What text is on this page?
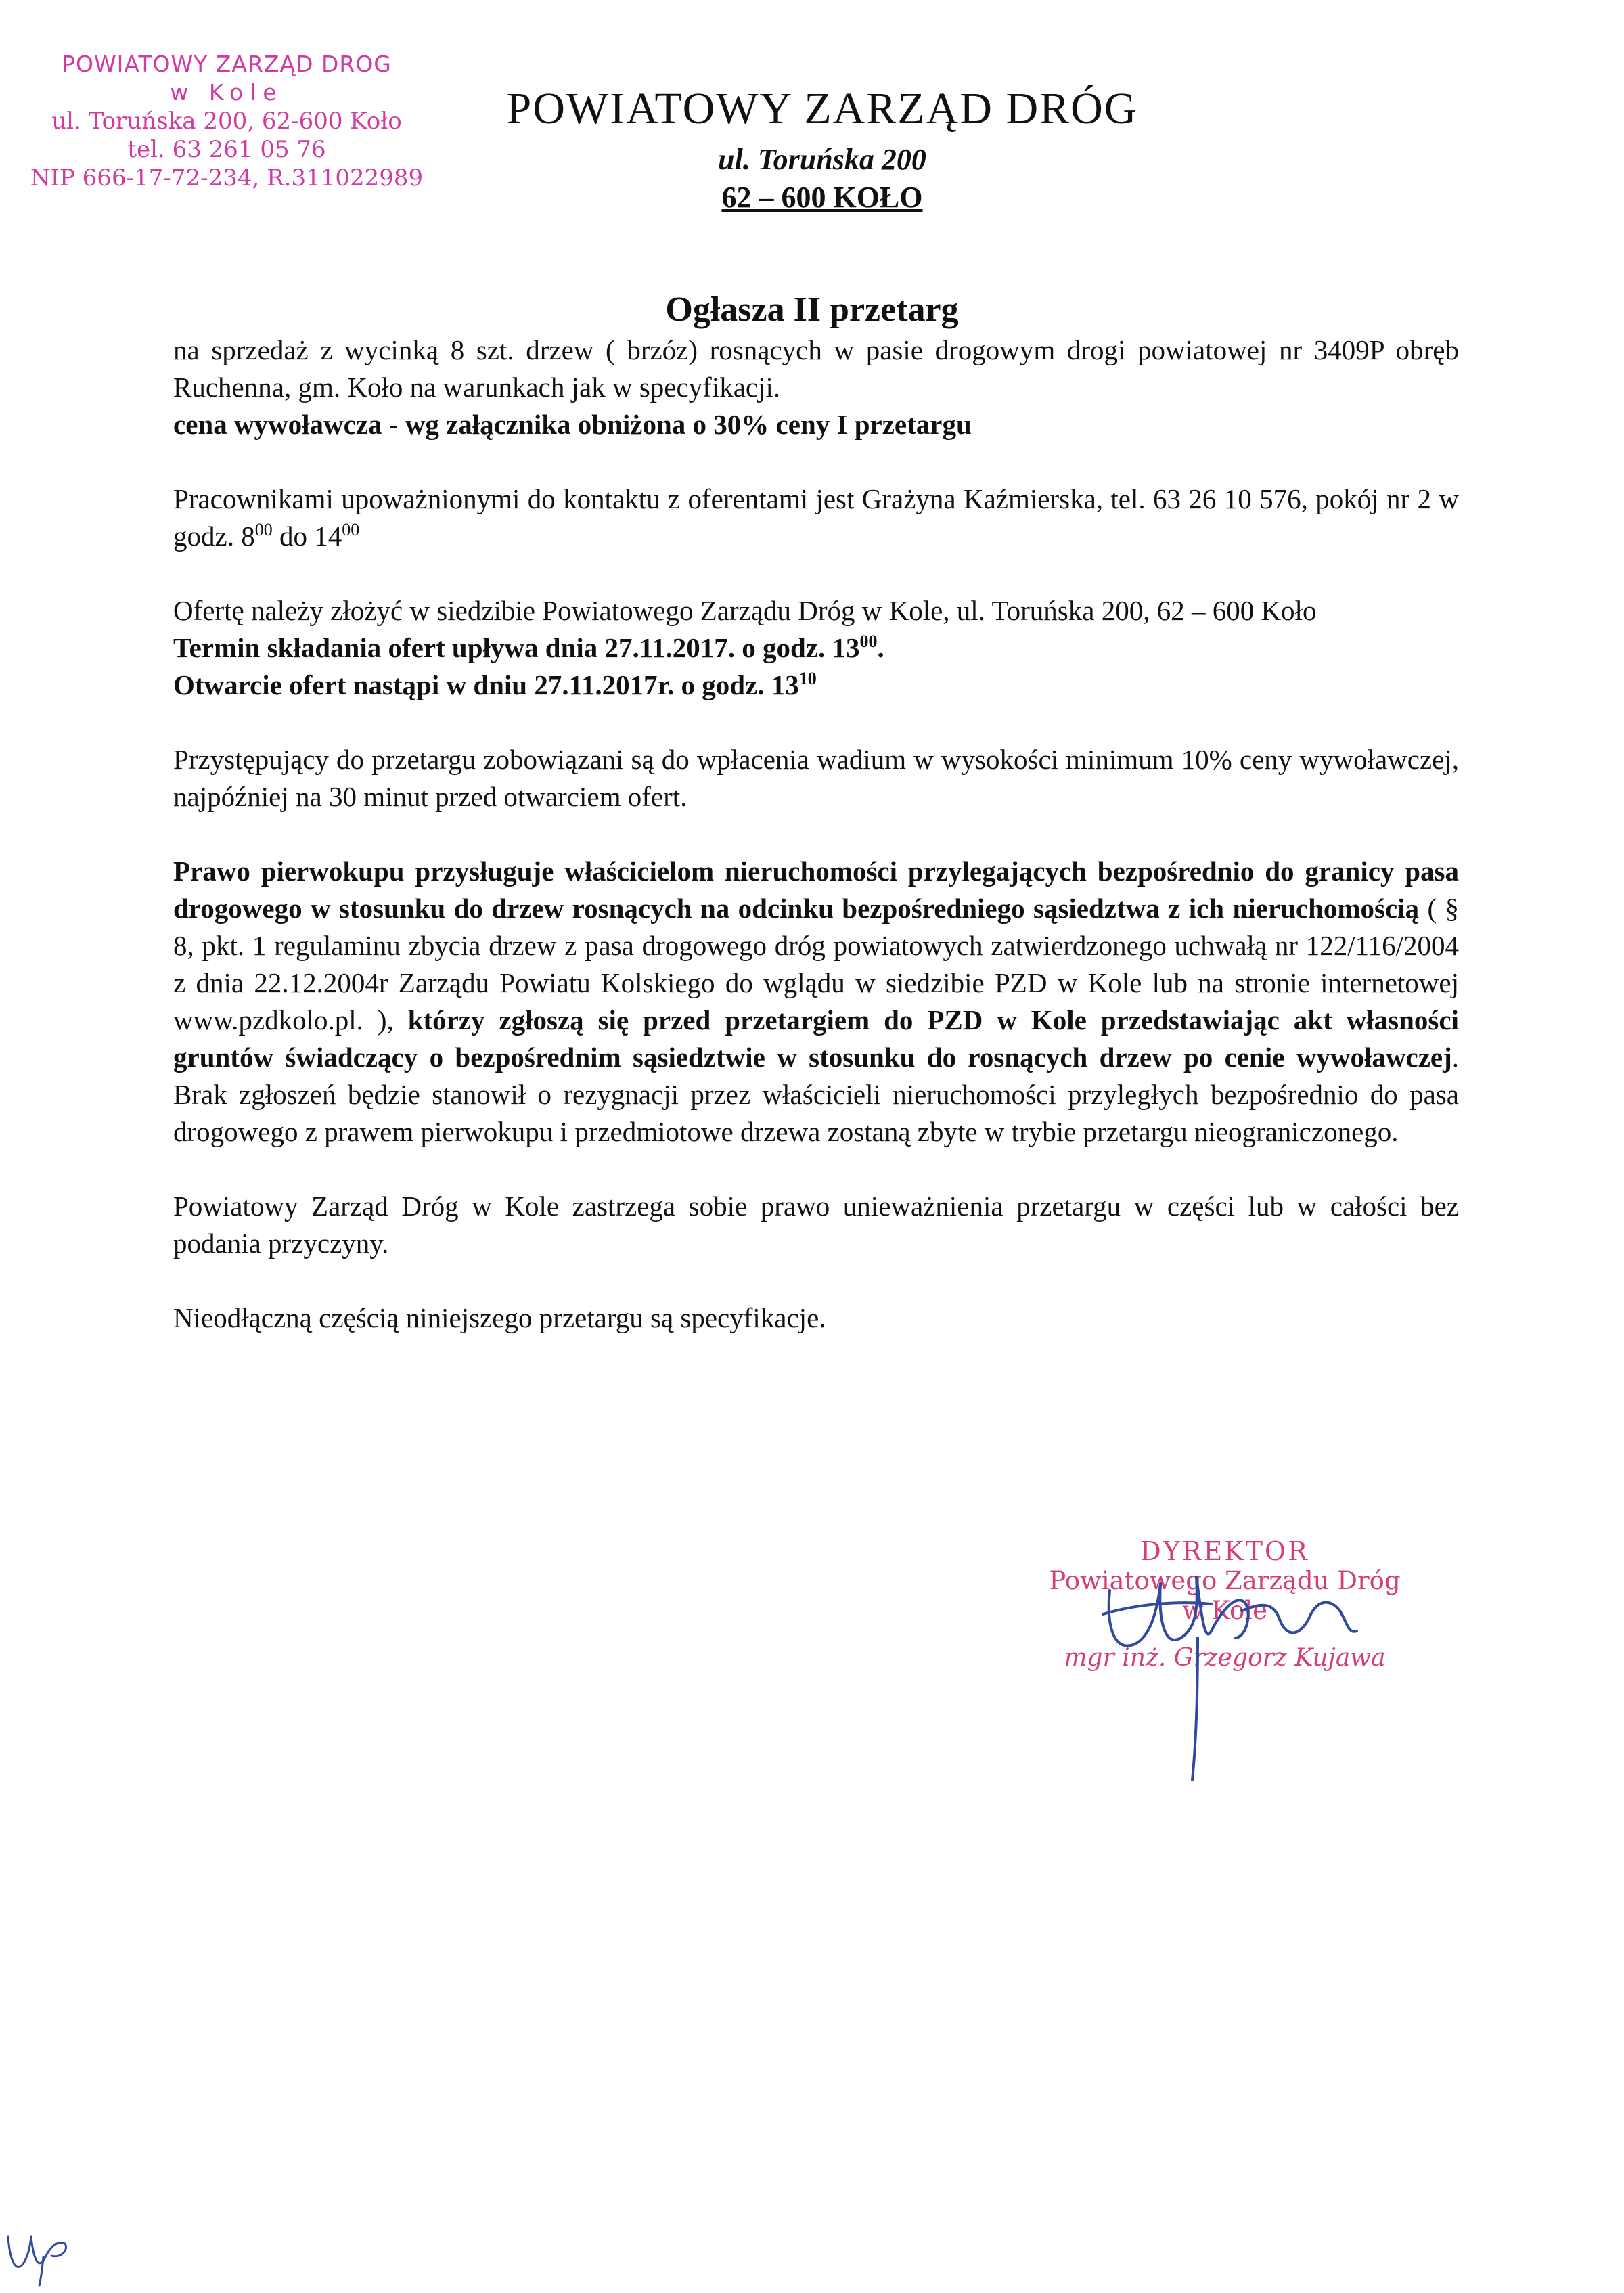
POWIATOWY ZARZĄD DROG
w Kole
ul. Toruńska 200, 62-600 Koło
tel. 63 261 05 76
NIP 666-17-72-234, R.311022989
POWIATOWY ZARZĄD DRÓG
ul. Toruńska 200
62 – 600 KOŁO
Ogłasza II przetarg

na sprzedaż z wycinką 8 szt. drzew ( brzóz) rosnących w pasie drogowym drogi powiatowej nr 3409P obręb Ruchenna, gm. Koło na warunkach jak w specyfikacji.

cena wywoławcza - wg załącznika obniżona o 30% ceny I przetargu

Pracownikami upoważnionymi do kontaktu z oferentami jest Grażyna Kaźmierska, tel. 63 26 10 576, pokój nr 2 w godz. $8^{00}$ do $14^{00}$

Ofertę należy złożyć w siedzibie Powiatowego Zarządu Dróg w Kole, ul. Toruńska 200, 62 – 600 Koło

Termin składania ofert upływa dnia 27.11.2017. o godz. $13^{00}$.

Otwarcie ofert nastąpi w dniu 27.11.2017r. o godz. $13^{10}$

Przystępujący do przetargu zobowiązani są do wpłacenia wadium w wysokości minimum 10% ceny wywoławczej, najpóźniej na 30 minut przed otwarciem ofert.

Prawo pierwokupu przysługuje właścicielom nieruchomości przylegających bezpośrednio do granicy pasa drogowego w stosunku do drzew rosnących na odcinku bezpośredniego sąsiedztwa z ich nieruchomością ( § 8, pkt. 1 regulaminu zbycia drzew z pasa drogowego dróg powiatowych zatwierdzonego uchwałą nr 122/116/2004 z dnia 22.12.2004r Zarządu Powiatu Kolskiego do wglądu w siedzibie PZD w Kole lub na stronie internetowej www.pzdkolo.pl. ), którzy zgłoszą się przed przetargiem do PZD w Kole przedstawiając akt własności gruntów świadczący o bezpośrednim sąsiedztwie w stosunku do rosnących drzew po cenie wywoławczej. Brak zgłoszeń będzie stanowił o rezygnacji przez właścicieli nieruchomości przyległych bezpośrednio do pasa drogowego z prawem pierwokupu i przedmiotowe drzewa zostaną zbyte w trybie przetargu nieograniczonego.

Powiatowy Zarząd Dróg w Kole zastrzega sobie prawo unieważnienia przetargu w części lub w całości bez podania przyczyny.

Nieodłączną częścią niniejszego przetargu są specyfikacje.

DYREKTOR
Powiatowego Zarządu Dróg
w Kole
mgr inż. Grzegorz Kujawa
